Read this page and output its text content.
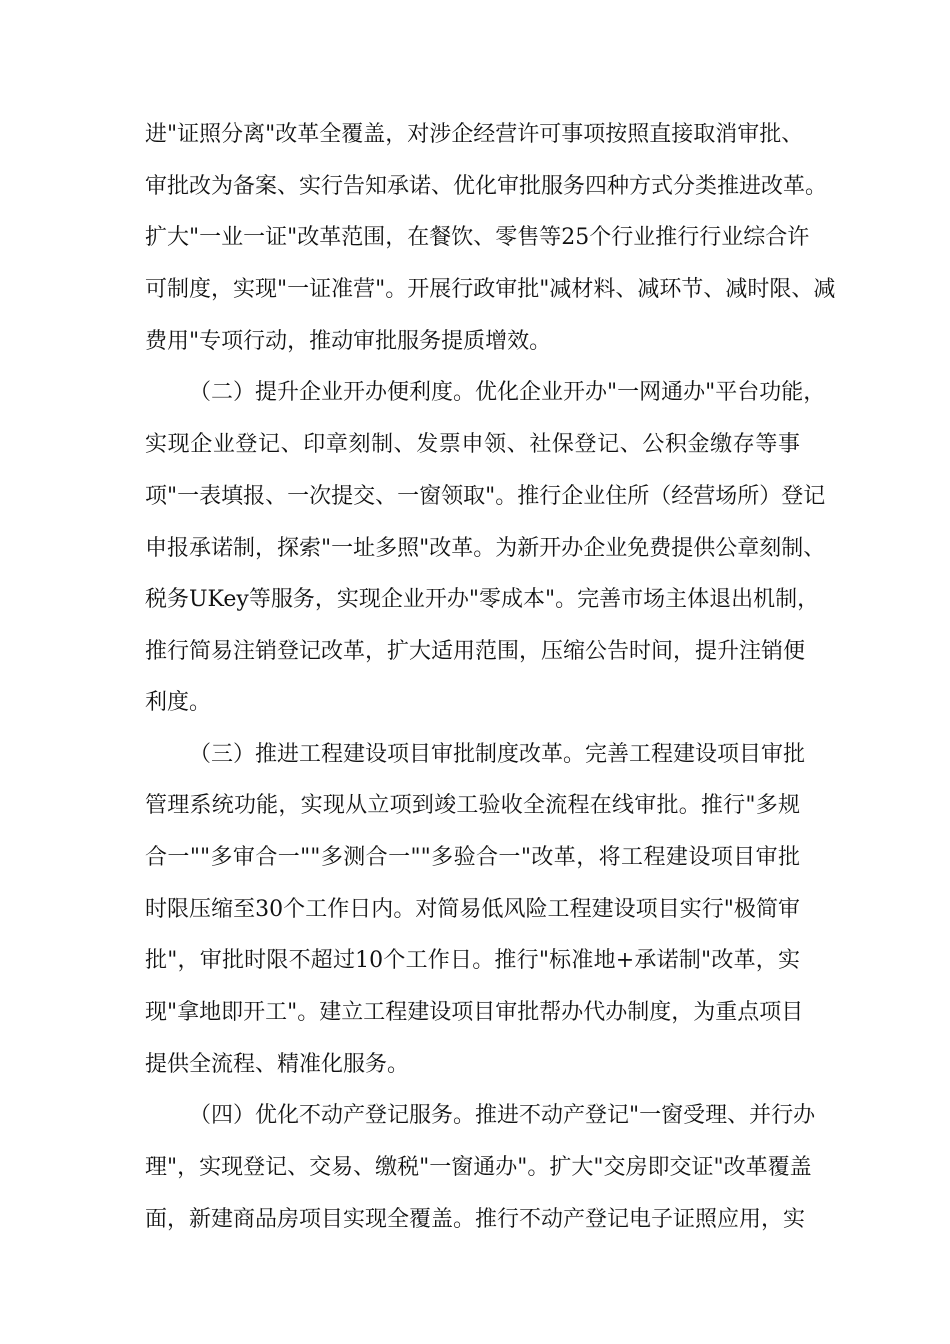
进"证照分离"改革全覆盖，对涉企经营许可事项按照直接取消审批、
审批改为备案、实行告知承诺、优化审批服务四种方式分类推进改革。
扩大"一业一证"改革范围，在餐饮、零售等25个行业推行行业综合许
可制度，实现"一证准营"。开展行政审批"减材料、减环节、减时限、减
费用"专项行动，推动审批服务提质增效。
（二）提升企业开办便利度。优化企业开办"一网通办"平台功能，
实现企业登记、印章刻制、发票申领、社保登记、公积金缴存等事
项"一表填报、一次提交、一窗领取"。推行企业住所（经营场所）登记
申报承诺制，探索"一址多照"改革。为新开办企业免费提供公章刻制、
税务UKey等服务，实现企业开办"零成本"。完善市场主体退出机制，
推行简易注销登记改革，扩大适用范围，压缩公告时间，提升注销便
利度。
（三）推进工程建设项目审批制度改革。完善工程建设项目审批
管理系统功能，实现从立项到竣工验收全流程在线审批。推行"多规
合一""多审合一""多测合一""多验合一"改革，将工程建设项目审批
时限压缩至30个工作日内。对简易低风险工程建设项目实行"极简审
批"，审批时限不超过10个工作日。推行"标准地+承诺制"改革，实
现"拿地即开工"。建立工程建设项目审批帮办代办制度，为重点项目
提供全流程、精准化服务。
（四）优化不动产登记服务。推进不动产登记"一窗受理、并行办
理"，实现登记、交易、缴税"一窗通办"。扩大"交房即交证"改革覆盖
面，新建商品房项目实现全覆盖。推行不动产登记电子证照应用，实
